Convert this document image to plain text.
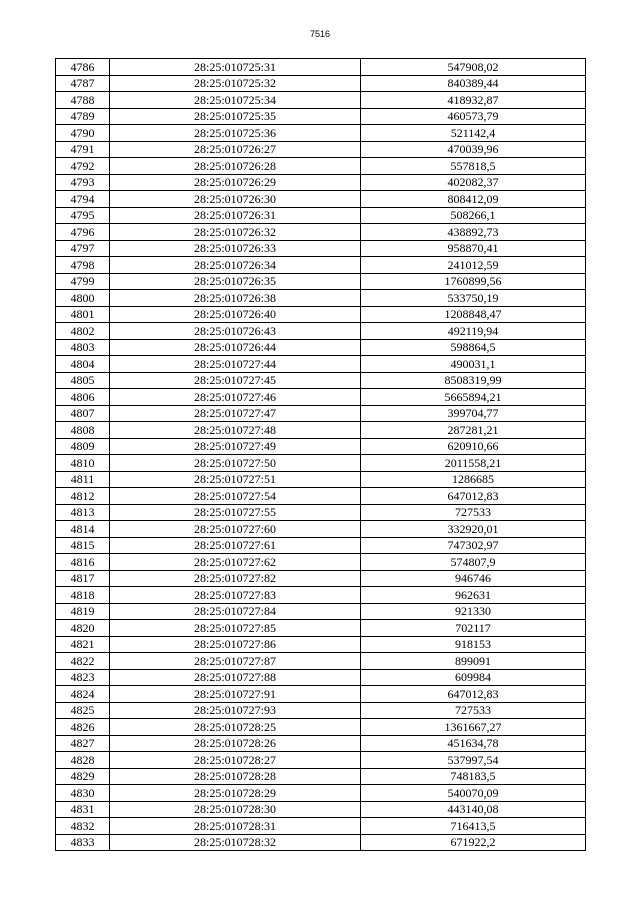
7516
4786	28:25:010725:31	547908,02
4787	28:25:010725:32	840389,44
4788	28:25:010725:34	418932,87
4789	28:25:010725:35	460573,79
4790	28:25:010725:36	521142,4
4791	28:25:010726:27	470039,96
4792	28:25:010726:28	557818,5
4793	28:25:010726:29	402082,37
4794	28:25:010726:30	808412,09
4795	28:25:010726:31	508266,1
4796	28:25:010726:32	438892,73
4797	28:25:010726:33	958870,41
4798	28:25:010726:34	241012,59
4799	28:25:010726:35	1760899,56
4800	28:25:010726:38	533750,19
4801	28:25:010726:40	1208848,47
4802	28:25:010726:43	492119,94
4803	28:25:010726:44	598864,5
4804	28:25:010727:44	490031,1
4805	28:25:010727:45	8508319,99
4806	28:25:010727:46	5665894,21
4807	28:25:010727:47	399704,77
4808	28:25:010727:48	287281,21
4809	28:25:010727:49	620910,66
4810	28:25:010727:50	2011558,21
4811	28:25:010727:51	1286685
4812	28:25:010727:54	647012,83
4813	28:25:010727:55	727533
4814	28:25:010727:60	332920,01
4815	28:25:010727:61	747302,97
4816	28:25:010727:62	574807,9
4817	28:25:010727:82	946746
4818	28:25:010727:83	962631
4819	28:25:010727:84	921330
4820	28:25:010727:85	702117
4821	28:25:010727:86	918153
4822	28:25:010727:87	899091
4823	28:25:010727:88	609984
4824	28:25:010727:91	647012,83
4825	28:25:010727:93	727533
4826	28:25:010728:25	1361667,27
4827	28:25:010728:26	451634,78
4828	28:25:010728:27	537997,54
4829	28:25:010728:28	748183,5
4830	28:25:010728:29	540070,09
4831	28:25:010728:30	443140,08
4832	28:25:010728:31	716413,5
4833	28:25:010728:32	671922,2
